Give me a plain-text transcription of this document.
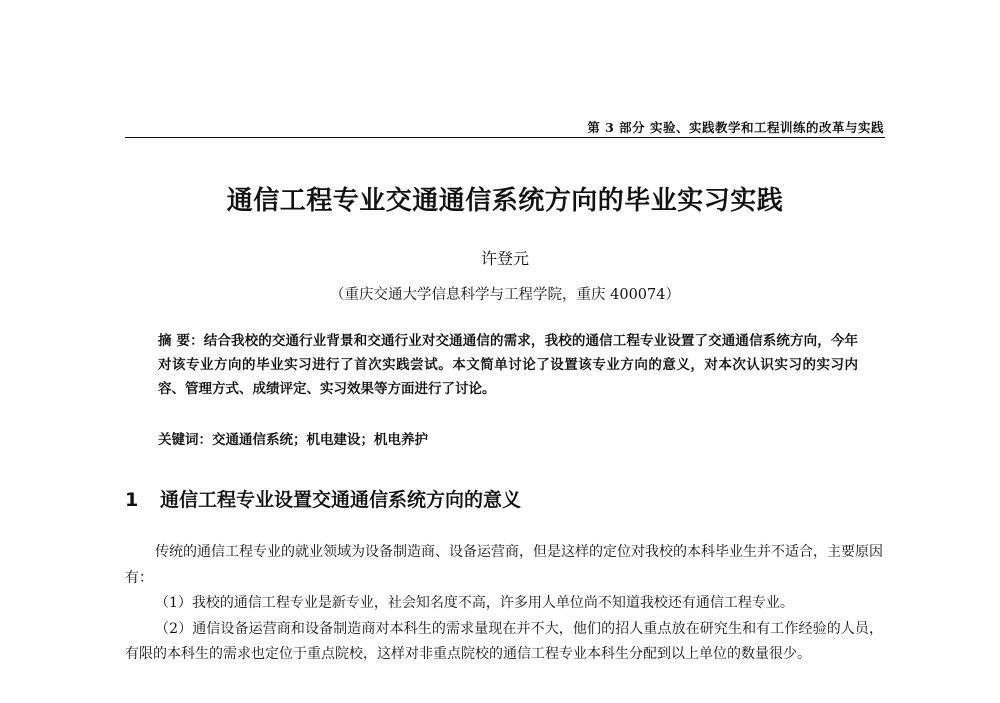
第 3 部分 实验、实践教学和工程训练的改革与实践
通信工程专业交通通信系统方向的毕业实习实践
许登元
（重庆交通大学信息科学与工程学院，重庆 400074）
摘 要：结合我校的交通行业背景和交通行业对交通通信的需求，我校的通信工程专业设置了交通通信系统方向，今年对该专业方向的毕业实习进行了首次实践尝试。本文简单讨论了设置该专业方向的意义，对本次认识实习的实习内容、管理方式、成绩评定、实习效果等方面进行了讨论。
关键词：交通通信系统；机电建设；机电养护
1 通信工程专业设置交通通信系统方向的意义

传统的通信工程专业的就业领域为设备制造商、设备运营商，但是这样的定位对我校的本科毕业生并不适合，主要原因有：

（1）我校的通信工程专业是新专业，社会知名度不高，许多用人单位尚不知道我校还有通信工程专业。

（2）通信设备运营商和设备制造商对本科生的需求量现在并不大，他们的招人重点放在研究生和有工作经验的人员，有限的本科生的需求也定位于重点院校，这样对非重点院校的通信工程专业本科生分配到以上单位的数量很少。
